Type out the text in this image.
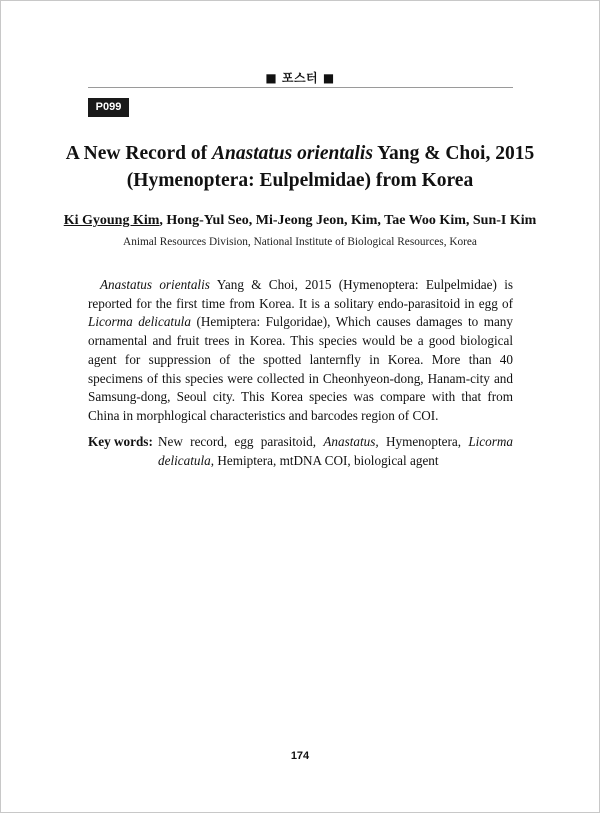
■ 포스터 ■
P099
A New Record of Anastatus orientalis Yang & Choi, 2015
(Hymenoptera: Eulpelmidae) from Korea
Ki Gyoung Kim, Hong-Yul Seo, Mi-Jeong Jeon, Kim, Tae Woo Kim, Sun-I Kim
Animal Resources Division, National Institute of Biological Resources, Korea

Anastatus orientalis Yang & Choi, 2015 (Hymenoptera: Eulpelmidae) is reported for the first time from Korea. It is a solitary endo-parasitoid in egg of Licorma delicatula (Hemiptera: Fulgoridae), Which causes damages to many ornamental and fruit trees in Korea. This species would be a good biological agent for suppression of the spotted lanternfly in Korea. More than 40 specimens of this species were collected in Cheonhyeon-dong, Hanam-city and Samsung-dong, Seoul city. This Korea species was compare with that from China in morphlogical characteristics and barcodes region of COI.

Key words: New record, egg parasitoid, Anastatus, Hymenoptera, Licorma delicatula, Hemiptera, mtDNA COI, biological agent
174
